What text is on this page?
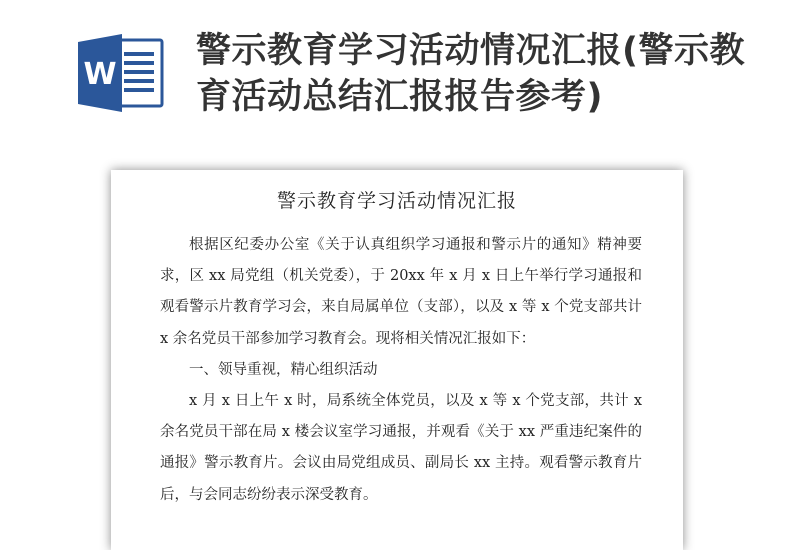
W
警示教育学习活动情况汇报(警示教育活动总结汇报报告参考)
警示教育学习活动情况汇报

根据区纪委办公室《关于认真组织学习通报和警示片的通知》精神要求，区 xx 局党组（机关党委），于 20xx 年 x 月 x 日上午举行学习通报和观看警示片教育学习会，来自局属单位（支部），以及 x 等 x 个党支部共计 x 余名党员干部参加学习教育会。现将相关情况汇报如下：

一、领导重视，精心组织活动

x 月 x 日上午 x 时，局系统全体党员，以及 x 等 x 个党支部，共计 x 余名党员干部在局 x 楼会议室学习通报，并观看《关于 xx 严重违纪案件的通报》警示教育片。会议由局党组成员、副局长 xx 主持。观看警示教育片后，与会同志纷纷表示深受教育。
